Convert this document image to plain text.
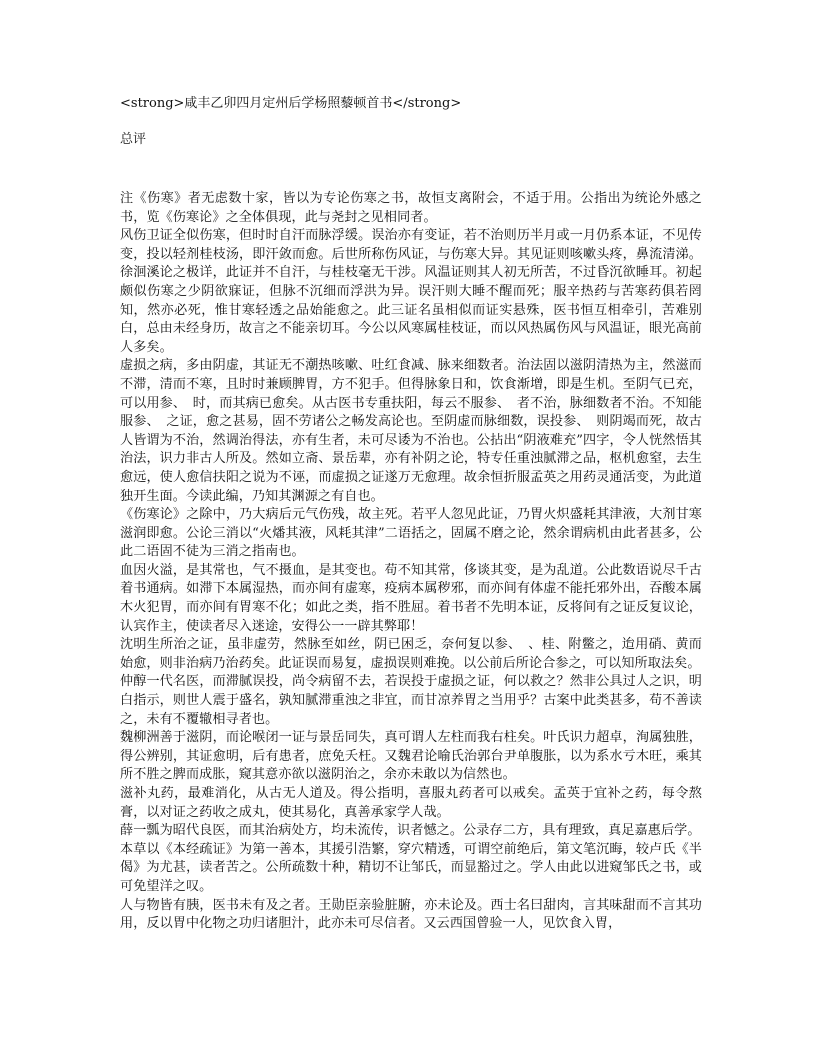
<strong>咸丰乙卯四月定州后学杨照藜顿首书</strong>

总评

注《伤寒》者无虑数十家，皆以为专论伤寒之书，故恒支离附会，不适于用。公指出为统论外感之书，览《伤寒论》之全体俱现，此与尧封之见相同者。

风伤卫证全似伤寒，但时时自汗而脉浮缓。误治亦有变证，若不治则历半月或一月仍系本证，不见传变，投以轻剂桂枝汤，即汗敛而愈。后世所称伤风证，与伤寒大异。其见证则咳嗽头疼，鼻流清涕。徐洄溪论之极详，此证并不自汗，与桂枝毫无干涉。风温证则其人初无所苦，不过昏沉欲睡耳。初起颇似伤寒之少阴欲寐证，但脉不沉细而浮洪为异。误汗则大睡不醒而死；服辛热药与苦寒药俱若罔知，然亦必死，惟甘寒轻透之品始能愈之。此三证名虽相似而证实悬殊，医书恒互相牵引，苦难别白，总由未经身历，故言之不能亲切耳。今公以风寒属桂枝证，而以风热属伤风与风温证，眼光高前人多矣。

虚损之病，多由阴虚，其证无不潮热咳嗽、吐红食减、脉来细数者。治法固以滋阴清热为主，然滋而不滞，清而不寒，且时时兼顾脾胃，方不犯手。但得脉象日和，饮食渐增，即是生机。至阴气已充，可以用参、　时，而其病已愈矣。从古医书专重扶阳，每云不服参、　者不治，脉细数者不治。不知能服参、　之证，愈之甚易，固不劳诸公之畅发高论也。至阴虚而脉细数，误投参、　则阴竭而死，故古人皆谓为不治，然调治得法，亦有生者，未可尽诿为不治也。公拈出“阴液难充”四字，令人恍然悟其治法，识力非古人所及。然如立斋、景岳辈，亦有补阴之论，特专任重浊腻滞之品，枢机愈窒，去生愈远，使人愈信扶阳之说为不诬，而虚损之证遂万无愈理。故余恒折服孟英之用药灵通活变，为此道独开生面。今读此编，乃知其渊源之有自也。

《伤寒论》之除中，乃大病后元气伤残，故主死。若平人忽见此证，乃胃火炽盛耗其津液，大剂甘寒滋润即愈。公论三消以“火燔其液，风耗其津”二语括之，固属不磨之论，然余谓病机由此者甚多，公此二语固不徒为三消之指南也。

血因火溢，是其常也，气不摄血，是其变也。苟不知其常，侈谈其变，是为乱道。公此数语说尽千古着书通病。如滞下本属湿热，而亦间有虚寒，疫病本属秽邪，而亦间有体虚不能托邪外出，吞酸本属木火犯胃，而亦间有胃寒不化；如此之类，指不胜屈。着书者不先明本证，反将间有之证反复议论，认宾作主，使读者尽入迷途，安得公一一辟其弊耶！

沈明生所治之证，虽非虚劳，然脉至如丝，阴已困乏，奈何复以参、　、桂、附鳖之，迨用硝、黄而始愈，则非治病乃治药矣。此证误而易复，虚损误则难挽。以公前后所论合参之，可以知所取法矣。

仲醇一代名医，而滞腻误投，尚令病留不去，若误投于虚损之证，何以救之？然非公具过人之识，明白指示，则世人震于盛名，孰知腻滞重浊之非宜，而甘凉养胃之当用乎？古案中此类甚多，苟不善读之，未有不覆辙相寻者也。

魏柳洲善于滋阴，而论喉闭一证与景岳同失，真可谓人左柱而我右柱矣。叶氏识力超卓，洵属独胜，得公辨别，其证愈明，后有患者，庶免夭枉。又魏君论喻氏治郭台尹单腹胀，以为系水亏木旺，乘其所不胜之脾而成胀，窥其意亦欲以滋阴治之，余亦未敢以为信然也。

滋补丸药，最难消化，从古无人道及。得公指明，喜服丸药者可以戒矣。孟英于宜补之药，每令熬膏，以对证之药收之成丸，使其易化，真善承家学人哉。

薛一瓢为昭代良医，而其治病处方，均未流传，识者憾之。公录存二方，具有理致，真足嘉惠后学。

本草以《本经疏证》为第一善本，其援引浩繁，穿穴精透，可谓空前绝后，第文笔沉晦，较卢氏《半偈》为尤甚，读者苦之。公所疏数十种，精切不让邹氏，而显豁过之。学人由此以进窥邹氏之书，或可免望洋之叹。

人与物皆有胰，医书未有及之者。王勋臣亲验脏腑，亦未论及。西士名曰甜肉，言其味甜而不言其功用，反以胃中化物之功归诸胆汁，此亦未可尽信者。又云西国曾验一人，见饮食入胃，
